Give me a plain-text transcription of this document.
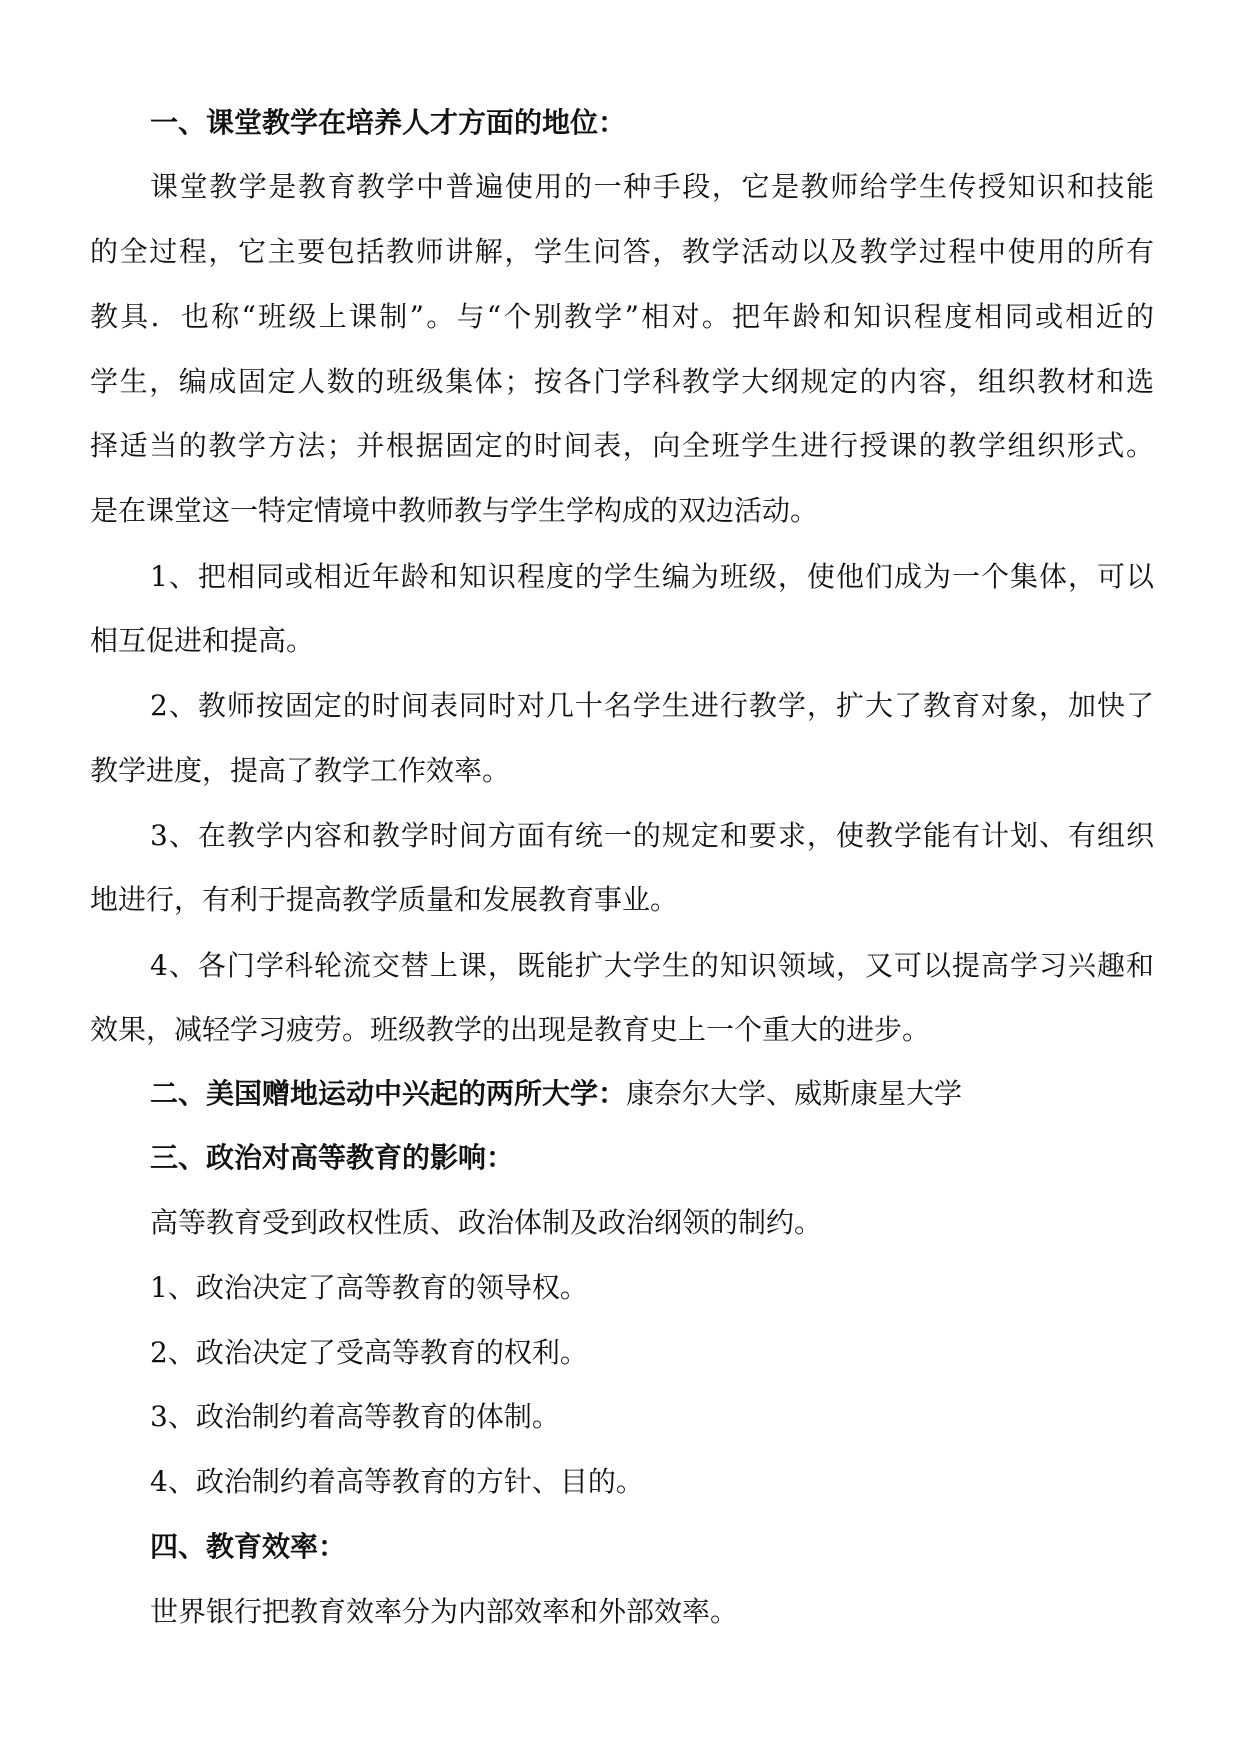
一、课堂教学在培养人才方面的地位：
课堂教学是教育教学中普遍使用的一种手段，它是教师给学生传授知识和技能
的全过程，它主要包括教师讲解，学生问答，教学活动以及教学过程中使用的所有
教具．也称“班级上课制”。与“个别教学”相对。把年龄和知识程度相同或相近的
学生，编成固定人数的班级集体；按各门学科教学大纲规定的内容，组织教材和选
择适当的教学方法；并根据固定的时间表，向全班学生进行授课的教学组织形式。
是在课堂这一特定情境中教师教与学生学构成的双边活动。
1、把相同或相近年龄和知识程度的学生编为班级，使他们成为一个集体，可以
相互促进和提高。
2、教师按固定的时间表同时对几十名学生进行教学，扩大了教育对象，加快了
教学进度，提高了教学工作效率。
3、在教学内容和教学时间方面有统一的规定和要求，使教学能有计划、有组织
地进行，有利于提高教学质量和发展教育事业。
4、各门学科轮流交替上课，既能扩大学生的知识领域，又可以提高学习兴趣和
效果，减轻学习疲劳。班级教学的出现是教育史上一个重大的进步。
二、美国赠地运动中兴起的两所大学：康奈尔大学、威斯康星大学
三、政治对高等教育的影响：
高等教育受到政权性质、政治体制及政治纲领的制约。
1、政治决定了高等教育的领导权。
2、政治决定了受高等教育的权利。
3、政治制约着高等教育的体制。
4、政治制约着高等教育的方针、目的。
四、教育效率：
世界银行把教育效率分为内部效率和外部效率。
